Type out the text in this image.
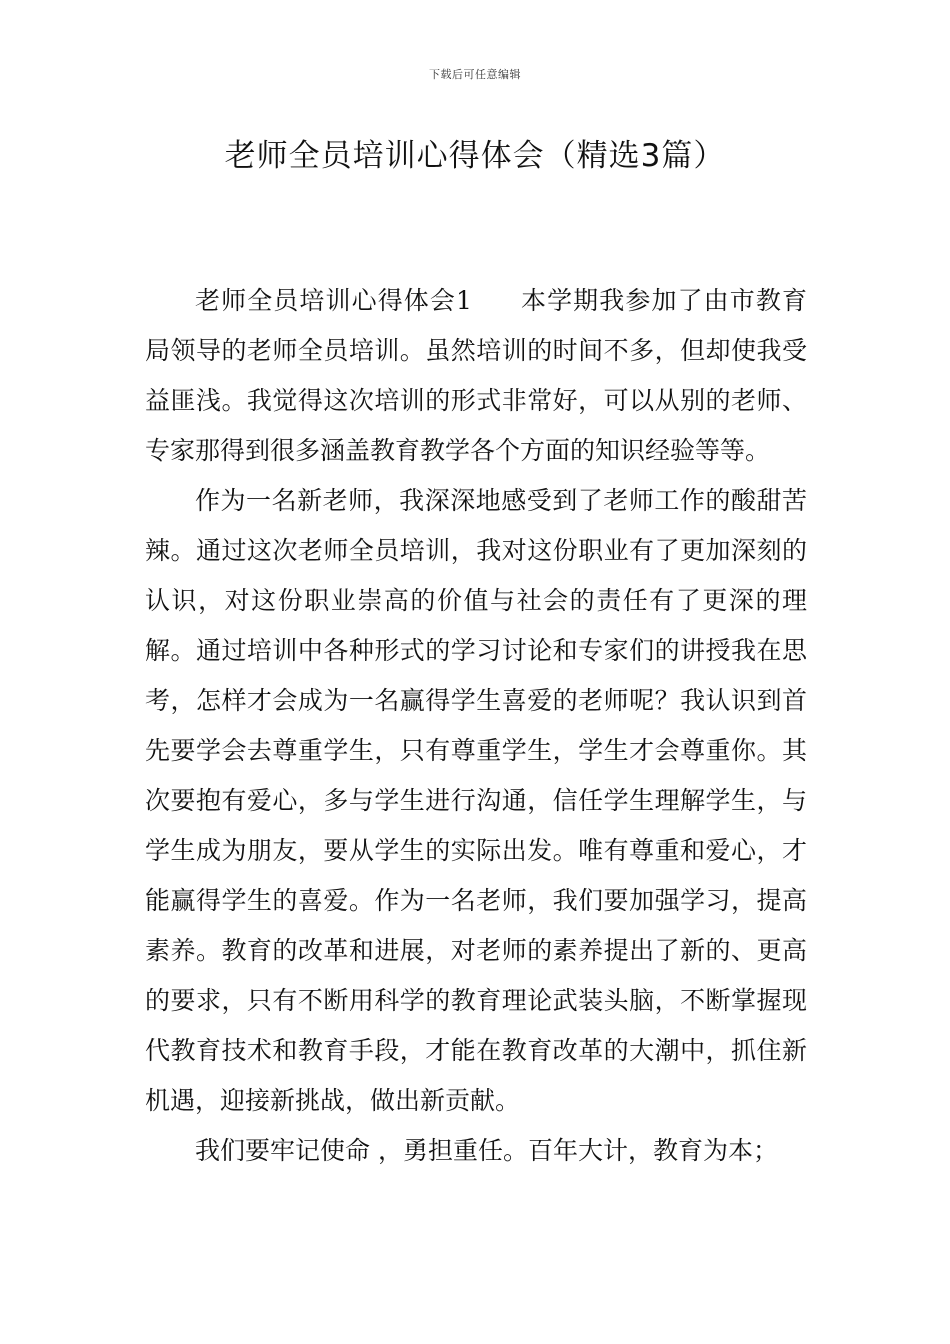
下载后可任意编辑
老师全员培训心得体会（精选3篇）

老师全员培训心得体会1 本学期我参加了由市教育局领导的老师全员培训。虽然培训的时间不多，但却使我受益匪浅。我觉得这次培训的形式非常好，可以从别的老师、专家那得到很多涵盖教育教学各个方面的知识经验等等。

作为一名新老师，我深深地感受到了老师工作的酸甜苦辣。通过这次老师全员培训，我对这份职业有了更加深刻的认识，对这份职业崇高的价值与社会的责任有了更深的理解。通过培训中各种形式的学习讨论和专家们的讲授我在思考，怎样才会成为一名赢得学生喜爱的老师呢？我认识到首先要学会去尊重学生，只有尊重学生，学生才会尊重你。其次要抱有爱心，多与学生进行沟通，信任学生理解学生，与学生成为朋友，要从学生的实际出发。唯有尊重和爱心，才能赢得学生的喜爱。作为一名老师，我们要加强学习，提高素养。教育的改革和进展，对老师的素养提出了新的、更高的要求，只有不断用科学的教育理论武装头脑，不断掌握现代教育技术和教育手段，才能在教育改革的大潮中，抓住新机遇，迎接新挑战，做出新贡献。

我们要牢记使命 ，勇担重任。百年大计，教育为本；
